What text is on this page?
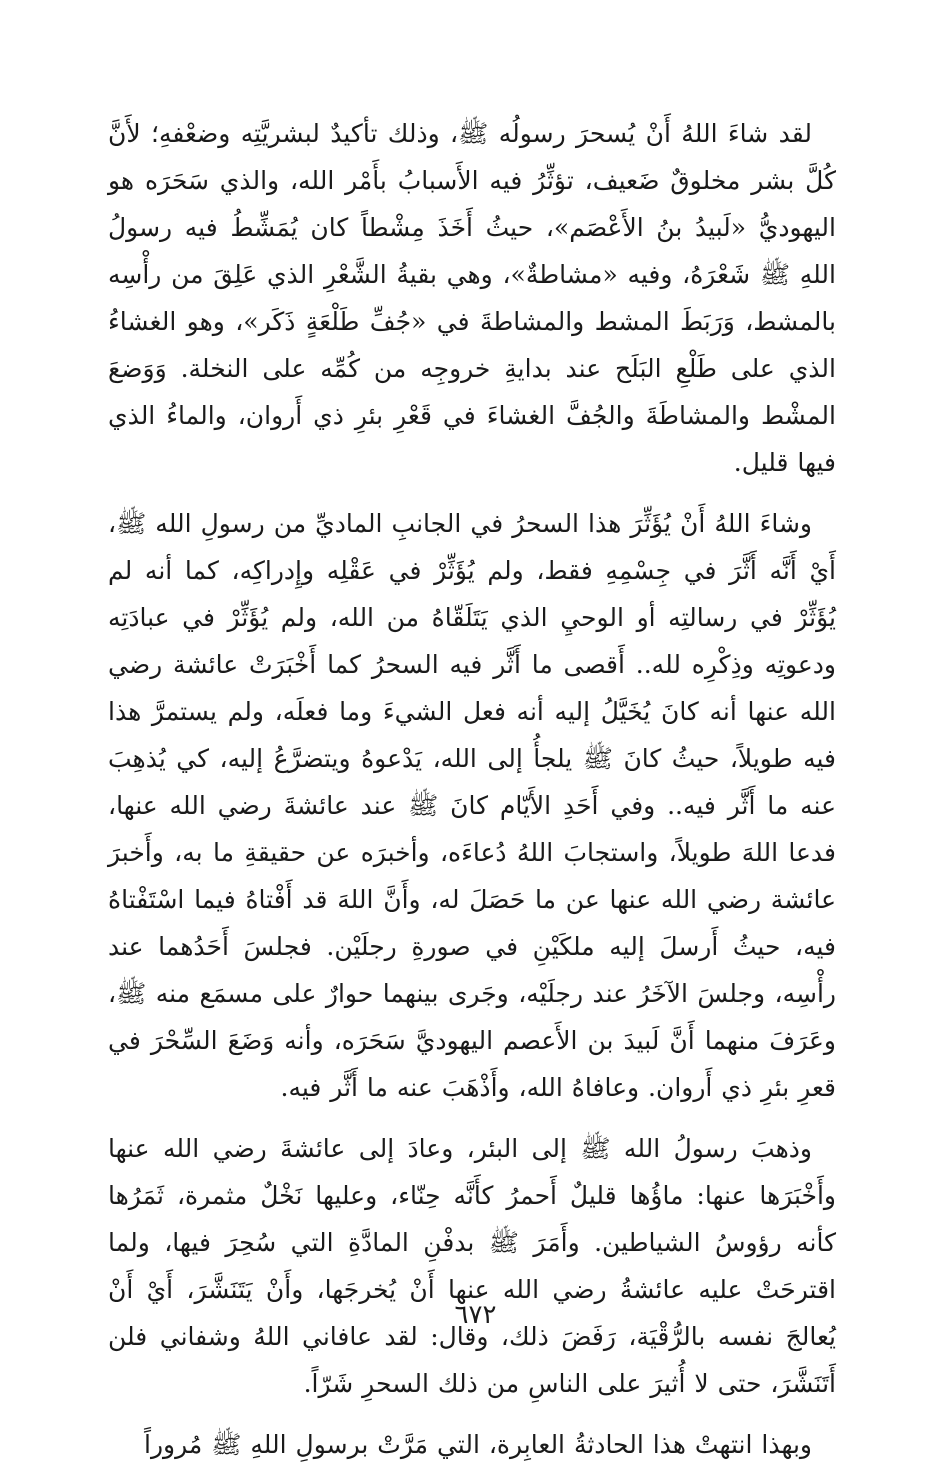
لقد شاءَ اللهُ أَنْ يُسحرَ رسولُه ﷺ، وذلك تأكيدٌ لبشريَّتِه وضعْفهِ؛ لأَنَّ كُلَّ بشر مخلوقٌ ضَعيف، تؤثِّرُ فيه الأَسبابُ بأَمْر الله، والذي سَحَرَه هو اليهوديُّ «لَبيدُ بنُ الأَعْصَم»، حيثُ أَخَذَ مِشْطاً كان يُمَشِّطُ فيه رسولُ اللهِ ﷺ شَعْرَهُ، وفيه «مشاطةٌ»، وهي بقيةُ الشَّعْرِ الذي عَلِقَ من رأْسِه بالمشط، وَرَبَطَ المشط والمشاطةَ في «جُفِّ طَلْعَةٍ ذَكَر»، وهو الغشاءُ الذي على طَلْعِ البَلَح عند بدايةِ خروجِه من كُمِّه على النخلة. وَوَضعَ المشْط والمشاطَةَ والجُفَّ الغشاءَ في قَعْرِ بئرِ ذي أَروان، والماءُ الذي فيها قليل.

وشاءَ اللهُ أَنْ يُؤَثِّرَ هذا السحرُ في الجانبِ الماديِّ من رسولِ الله ﷺ، أَيْ أَنَّه أَثَّرَ في جِسْمِهِ فقط، ولم يُؤَثِّرْ في عَقْلِه وإِدراكِه، كما أنه لم يُؤَثِّرْ في رسالتِه أو الوحيِ الذي يَتَلَقّاهُ من الله، ولم يُؤَثِّرْ في عبادَتِه ودعوتِه وذِكْرِه لله.. أَقصى ما أَثَّر فيه السحرُ كما أَخْبَرَتْ عائشة رضي الله عنها أنه كانَ يُخَيَّلُ إليه أنه فعل الشيءَ وما فعلَه، ولم يستمرَّ هذا فيه طويلاً، حيثُ كانَ ﷺ يلجأُ إلى الله، يَدْعوهُ ويتضرَّعُ إليه، كي يُذهِبَ عنه ما أَثَّر فيه.. وفي أَحَدِ الأَيّام كانَ ﷺ عند عائشةَ رضي الله عنها، فدعا اللهَ طويلاً، واستجابَ اللهُ دُعاءَه، وأخبرَه عن حقيقةِ ما به، وأَخبرَ عائشة رضي الله عنها عن ما حَصَلَ له، وأَنَّ اللهَ قد أَفْتاهُ فيما اسْتَفْتاهُ فيه، حيثُ أَرسلَ إليه ملكَيْنِ في صورةِ رجلَيْن. فجلسَ أَحَدُهما عند رأْسِه، وجلسَ الآخَرُ عند رجلَيْه، وجَرى بينهما حوارٌ على مسمَع منه ﷺ، وعَرَفَ منهما أَنَّ لَبيدَ بن الأَعصم اليهوديَّ سَحَرَه، وأنه وَضَعَ السِّحْرَ في قعرِ بئرِ ذي أَروان. وعافاهُ الله، وأَذْهَبَ عنه ما أَثَّر فيه.

وذهبَ رسولُ الله ﷺ إلى البئر، وعادَ إلى عائشةَ رضي الله عنها وأَخْبَرَها عنها: ماؤُها قليلٌ أَحمرُ كأَنَّه حِنّاء، وعليها نَخْلٌ مثمرة، ثَمَرُها كأنه رؤوسُ الشياطين. وأَمَرَ ﷺ بدفْنِ المادَّةِ التي سُحِرَ فيها، ولما اقترحَتْ عليه عائشةُ رضي الله عنها أَنْ يُخرجَها، وأَنْ يَتَنَشَّرَ، أَيْ أَنْ يُعالجَ نفسه بالرُّقْيَة، رَفَضَ ذلك، وقال: لقد عافاني اللهُ وشفاني فلن أَتَنَشَّرَ، حتى لا أُثيرَ على الناسِ من ذلك السحرِ شَرّاً.

وبهذا انتهتْ هذا الحادثةُ العابِرة، التي مَرَّتْ برسولِ اللهِ ﷺ مُروراً

٦٧٢
